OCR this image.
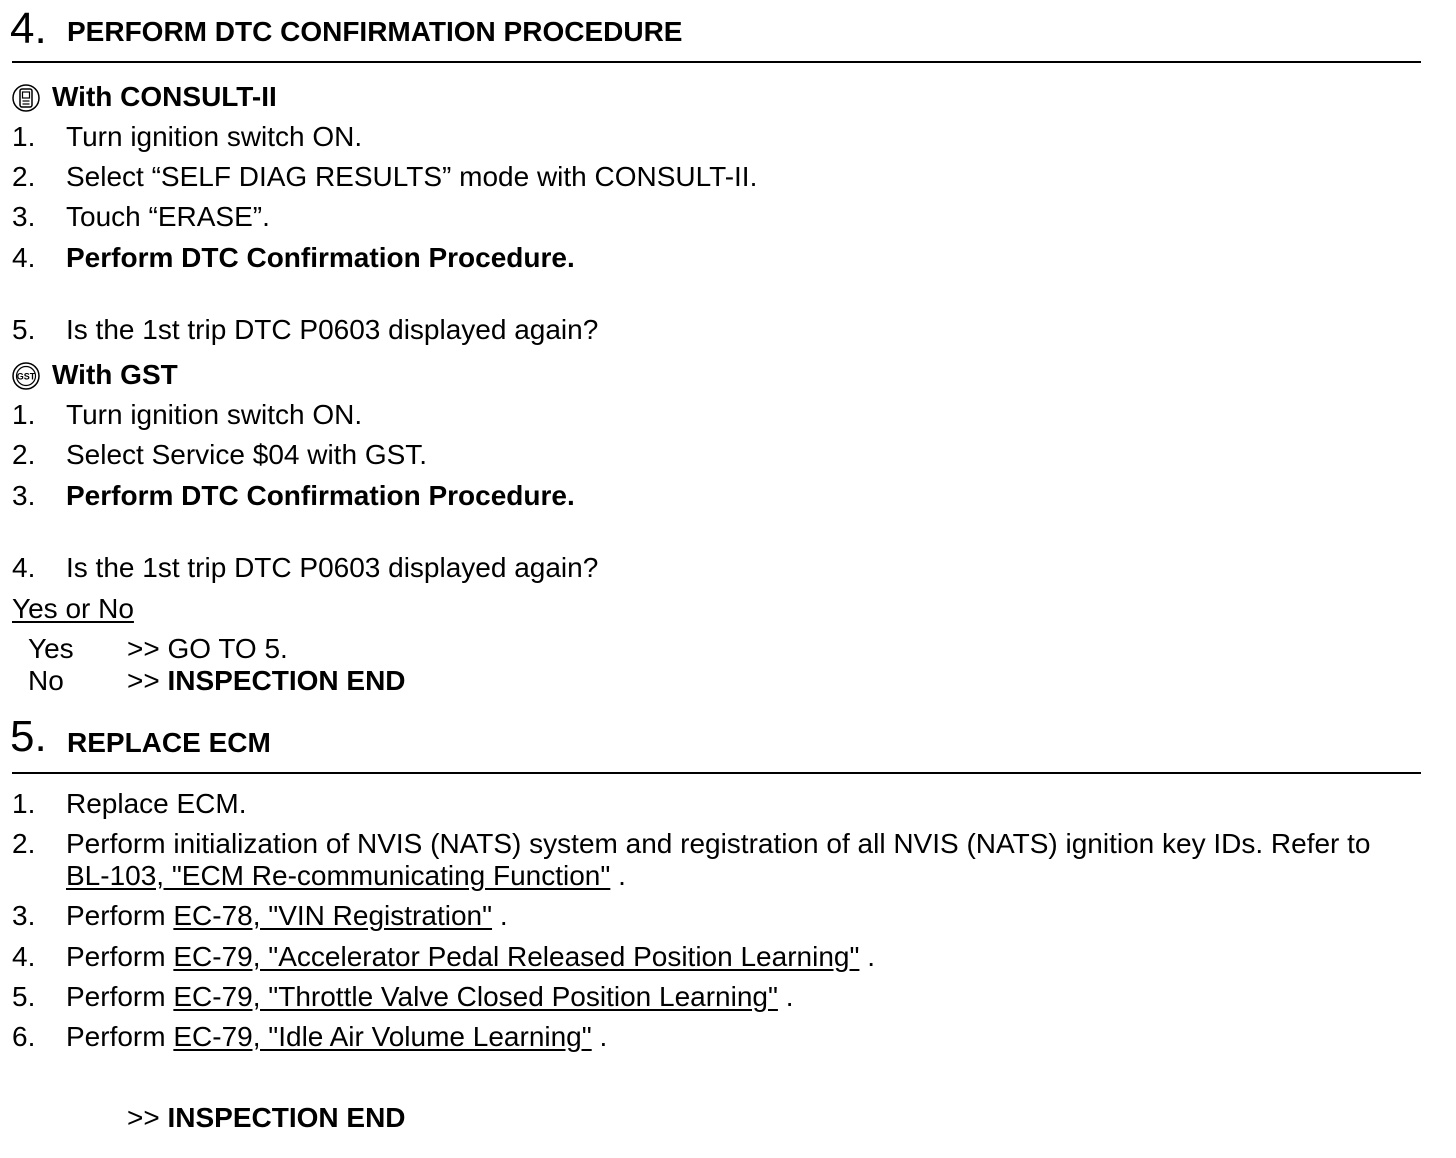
4. PERFORM DTC CONFIRMATION PROCEDURE
With CONSULT-II
1. Turn ignition switch ON.
2. Select “SELF DIAG RESULTS” mode with CONSULT-II.
3. Touch “ERASE”.
4. Perform DTC Confirmation Procedure.
5. Is the 1st trip DTC P0603 displayed again?
GST With GST
1. Turn ignition switch ON.
2. Select Service $04 with GST.
3. Perform DTC Confirmation Procedure.
4. Is the 1st trip DTC P0603 displayed again?
Yes or No
Yes >> GO TO 5.
No >> INSPECTION END
5. REPLACE ECM
1. Replace ECM.
2. Perform initialization of NVIS (NATS) system and registration of all NVIS (NATS) ignition key IDs. Refer to
BL-103, "ECM Re-communicating Function" .
3. Perform EC-78, "VIN Registration" .
4. Perform EC-79, "Accelerator Pedal Released Position Learning" .
5. Perform EC-79, "Throttle Valve Closed Position Learning" .
6. Perform EC-79, "Idle Air Volume Learning" .
>> INSPECTION END
